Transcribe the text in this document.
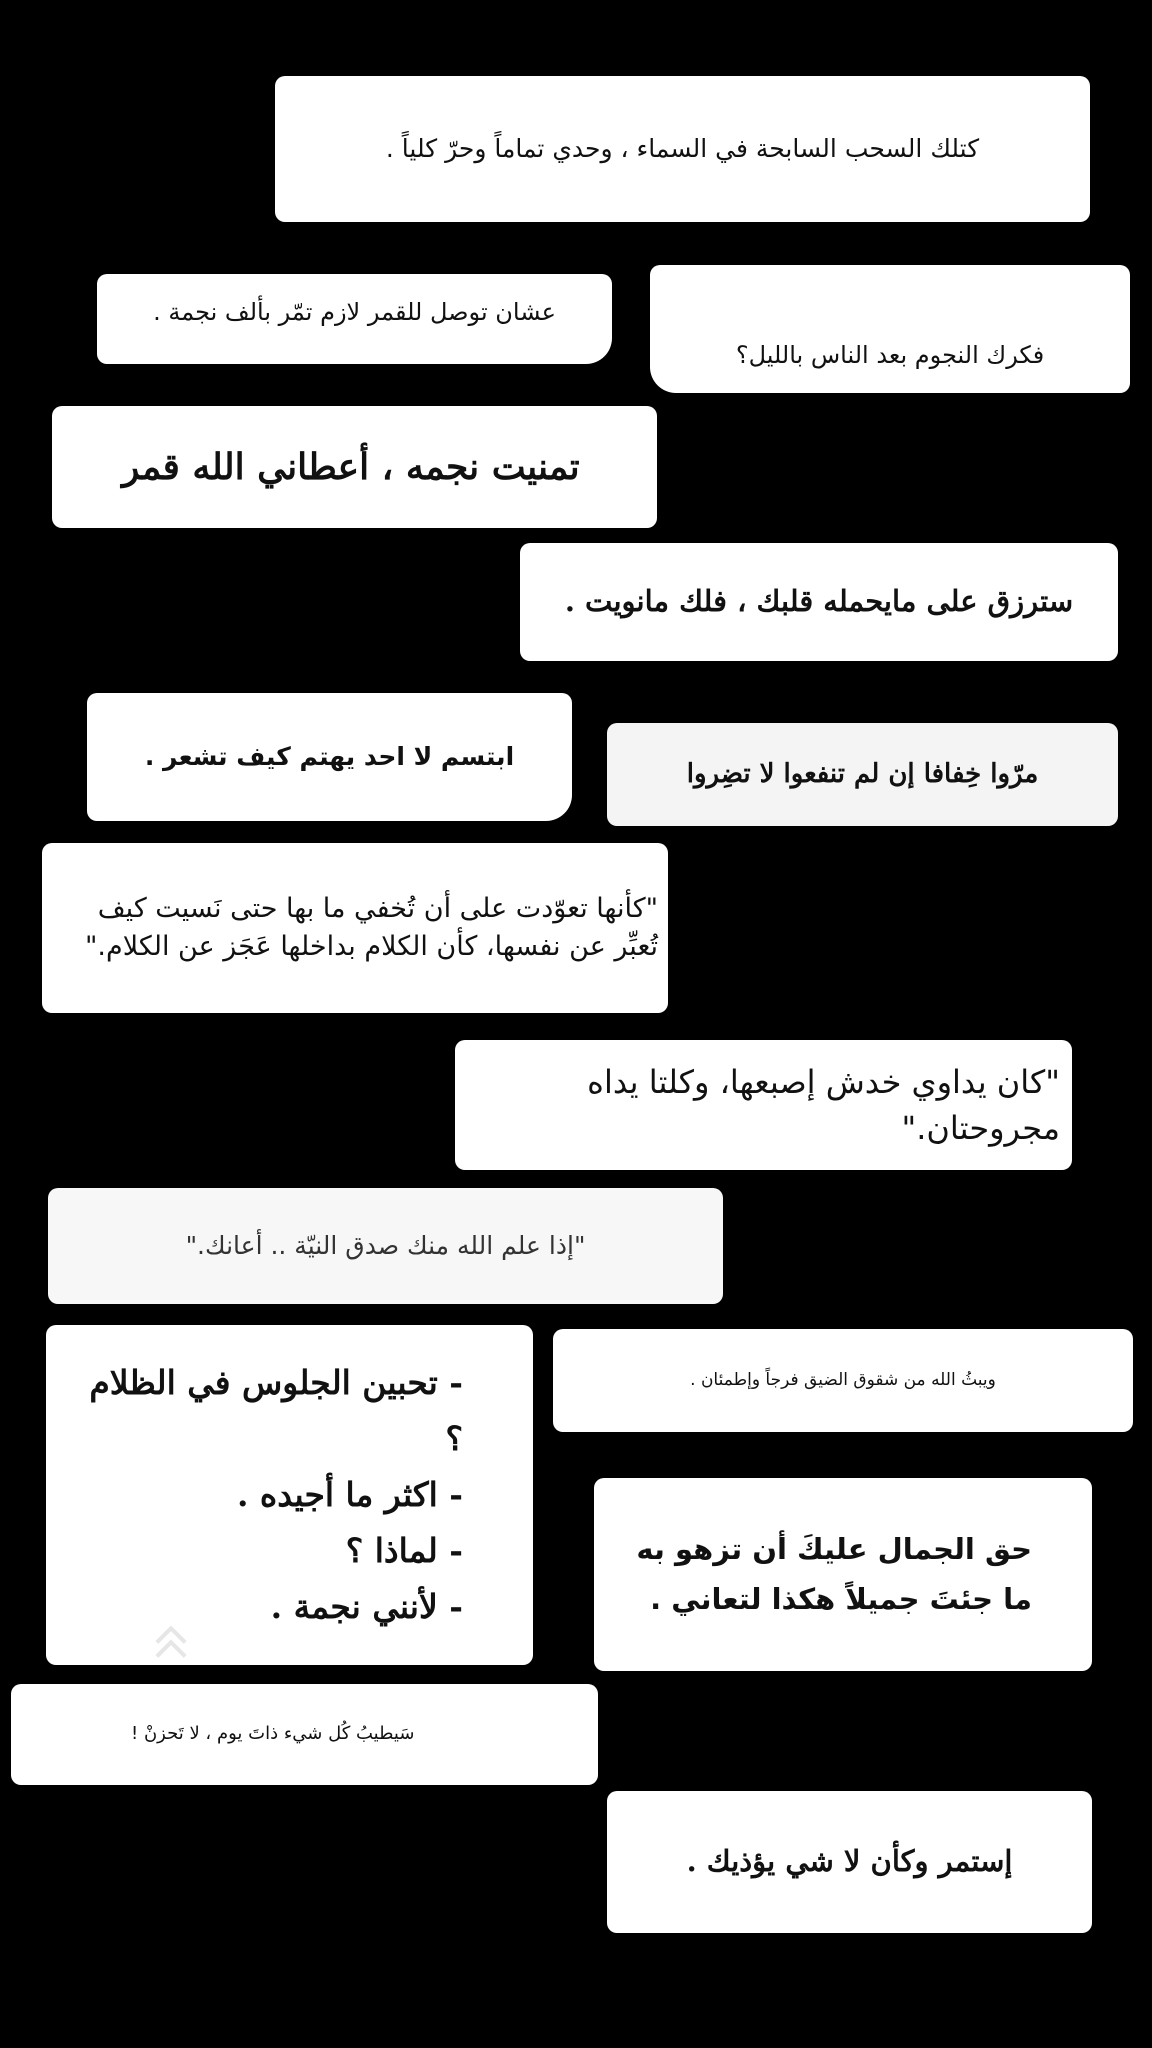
كتلك السحب السابحة في السماء ، وحدي تماماً وحرّ كلياً .
عشان توصل للقمر لازم تمّر بألف نجمة .
فكرك النجوم بعد الناس بالليل؟
تمنيت نجمه ، أعطاني الله قمر
سترزق على مايحمله قلبك ، فلك مانويت .
ابتسم لا احد يهتم كيف تشعر .
مرّوا خِفافا إن لم تنفعوا لا تضِروا
"كأنها تعوّدت على أن تُخفي ما بها حتى نَسيت كيف تُعبِّر عن نفسها، كأن الكلام بداخلها عَجَز عن الكلام."
"كان يداوي خدش إصبعها، وكلتا يداه مجروحتان."
"إذا علم الله منك صدق النيّة .. أعانك."
ويبثُ الله من شقوق الضيق فرجاً وإطمئان .
- تحبين الجلوس في الظلام ؟
- اكثر ما أجيده .
- لماذا ؟
- لأنني نجمة .
حق الجمال عليكَ أن تزهو به
ما جئتَ جميلاً هكذا لتعاني .
سَيطيبُ كُل شيء ذاتَ يوم ، لا تَحزنْ !
إستمر وكأن لا شي يؤذيك .
